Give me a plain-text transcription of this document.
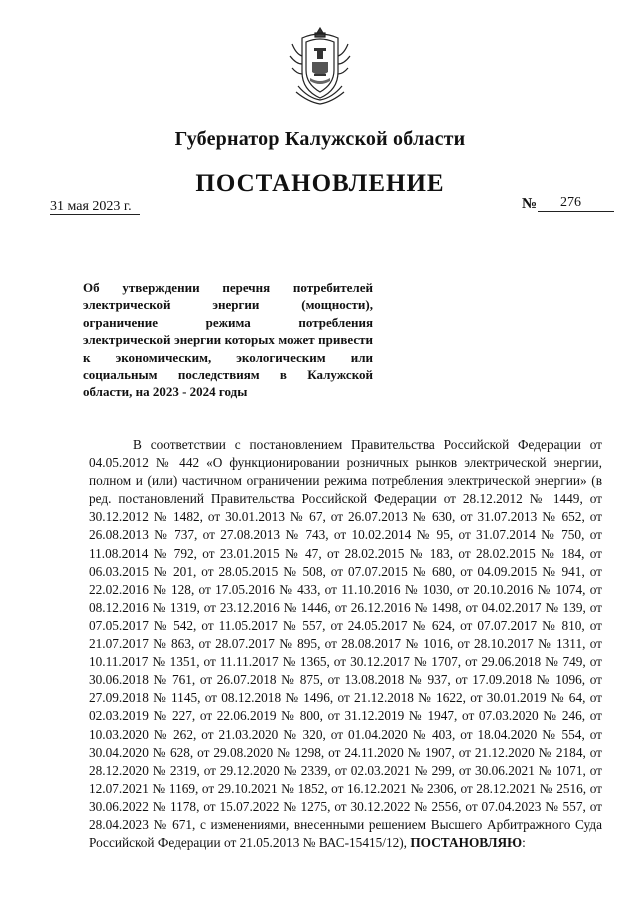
Губернатор Калужской области
ПОСТАНОВЛЕНИЕ
31 мая 2023 г.	№ 276
Об утверждении перечня потребителей электрической энергии (мощности), ограничение режима потребления электрической энергии которых может привести к экономическим, экологическим или социальным последствиям в Калужской области, на 2023 - 2024 годы
В соответствии с постановлением Правительства Российской Федерации от 04.05.2012 № 442 «О функционировании розничных рынков электрической энергии, полном и (или) частичном ограничении режима потребления электрической энергии» (в ред. постановлений Правительства Российской Федерации от 28.12.2012 № 1449, от 30.12.2012 № 1482, от 30.01.2013 № 67, от 26.07.2013 № 630, от 31.07.2013 № 652, от 26.08.2013 № 737, от 27.08.2013 № 743, от 10.02.2014 № 95, от 31.07.2014 № 750, от 11.08.2014 № 792, от 23.01.2015 № 47, от 28.02.2015 № 183, от 28.02.2015 № 184, от 06.03.2015 № 201, от 28.05.2015 № 508, от 07.07.2015 № 680, от 04.09.2015 № 941, от 22.02.2016 № 128, от 17.05.2016 № 433, от 11.10.2016 № 1030, от 20.10.2016 № 1074, от 08.12.2016 № 1319, от 23.12.2016 № 1446, от 26.12.2016 № 1498, от 04.02.2017 № 139, от 07.05.2017 № 542, от 11.05.2017 № 557, от 24.05.2017 № 624, от 07.07.2017 № 810, от 21.07.2017 № 863, от 28.07.2017 № 895, от 28.08.2017 № 1016, от 28.10.2017 № 1311, от 10.11.2017 № 1351, от 11.11.2017 № 1365, от 30.12.2017 № 1707, от 29.06.2018 № 749, от 30.06.2018 № 761, от 26.07.2018 № 875, от 13.08.2018 № 937, от 17.09.2018 № 1096, от 27.09.2018 № 1145, от 08.12.2018 № 1496, от 21.12.2018 № 1622, от 30.01.2019 № 64, от 02.03.2019 № 227, от 22.06.2019 № 800, от 31.12.2019 № 1947, от 07.03.2020 № 246, от 10.03.2020 № 262, от 21.03.2020 № 320, от 01.04.2020 № 403, от 18.04.2020 № 554, от 30.04.2020 № 628, от 29.08.2020 № 1298, от 24.11.2020 № 1907, от 21.12.2020 № 2184, от 28.12.2020 № 2319, от 29.12.2020 № 2339, от 02.03.2021 № 299, от 30.06.2021 № 1071, от 12.07.2021 № 1169, от 29.10.2021 № 1852, от 16.12.2021 № 2306, от 28.12.2021 № 2516, от 30.06.2022 № 1178, от 15.07.2022 № 1275, от 30.12.2022 № 2556, от 07.04.2023 № 557, от 28.04.2023 № 671, с изменениями, внесенными решением Высшего Арбитражного Суда Российской Федерации от 21.05.2013 № ВАС-15415/12), ПОСТАНОВЛЯЮ:
